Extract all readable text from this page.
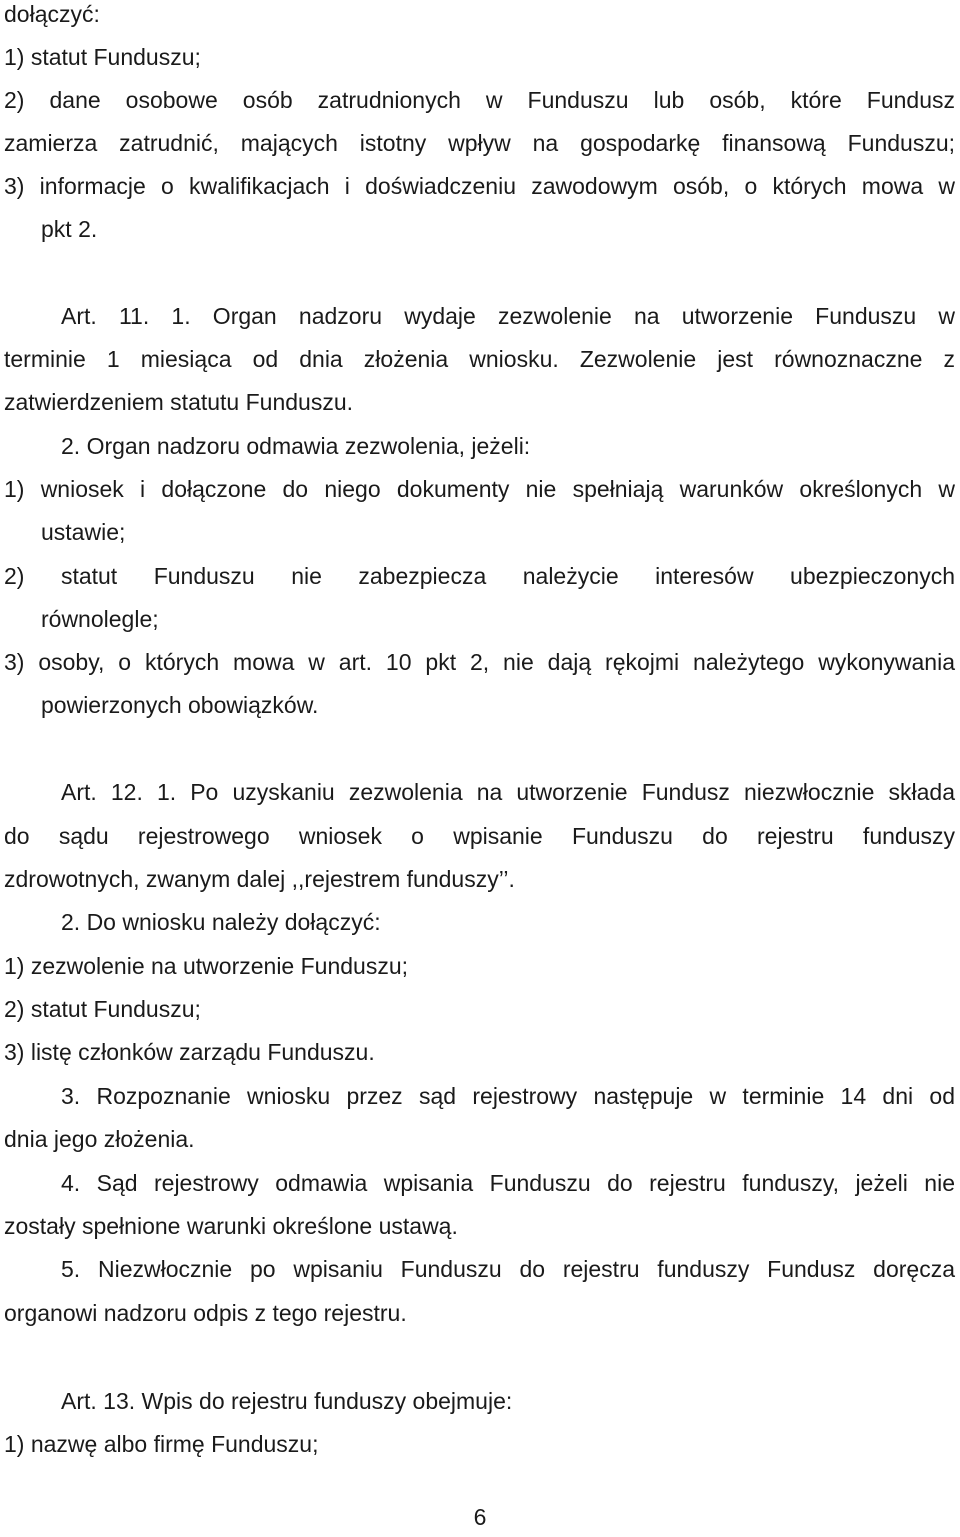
dołączyć:
1) statut Funduszu;
2) dane osobowe osób zatrudnionych w Funduszu lub osób, które Fundusz
zamierza zatrudnić, mających istotny wpływ na gospodarkę finansową Funduszu;
3) informacje o kwalifikacjach i doświadczeniu zawodowym osób, o których mowa w
pkt 2.
Art. 11. 1. Organ nadzoru wydaje zezwolenie na utworzenie Funduszu w
terminie 1 miesiąca od dnia złożenia wniosku. Zezwolenie jest równoznaczne z
zatwierdzeniem statutu Funduszu.
2. Organ nadzoru odmawia zezwolenia, jeżeli:
1) wniosek i dołączone do niego dokumenty nie spełniają warunków określonych w
ustawie;
2) statut Funduszu nie zabezpiecza należycie interesów ubezpieczonych
równolegle;
3) osoby, o których mowa w art. 10 pkt 2, nie dają rękojmi należytego wykonywania
powierzonych obowiązków.
Art. 12. 1. Po uzyskaniu zezwolenia na utworzenie Fundusz niezwłocznie składa
do sądu rejestrowego wniosek o wpisanie Funduszu do rejestru funduszy
zdrowotnych, zwanym dalej ,,rejestrem funduszy’’.
2. Do wniosku należy dołączyć:
1) zezwolenie na utworzenie Funduszu;
2) statut Funduszu;
3) listę członków zarządu Funduszu.
3. Rozpoznanie wniosku przez sąd rejestrowy następuje w terminie 14 dni od
dnia jego złożenia.
4. Sąd rejestrowy odmawia wpisania Funduszu do rejestru funduszy, jeżeli nie
zostały spełnione warunki określone ustawą.
5. Niezwłocznie po wpisaniu Funduszu do rejestru funduszy Fundusz doręcza
organowi nadzoru odpis z tego rejestru.
Art. 13. Wpis do rejestru funduszy obejmuje:
1) nazwę albo firmę Funduszu;
6
